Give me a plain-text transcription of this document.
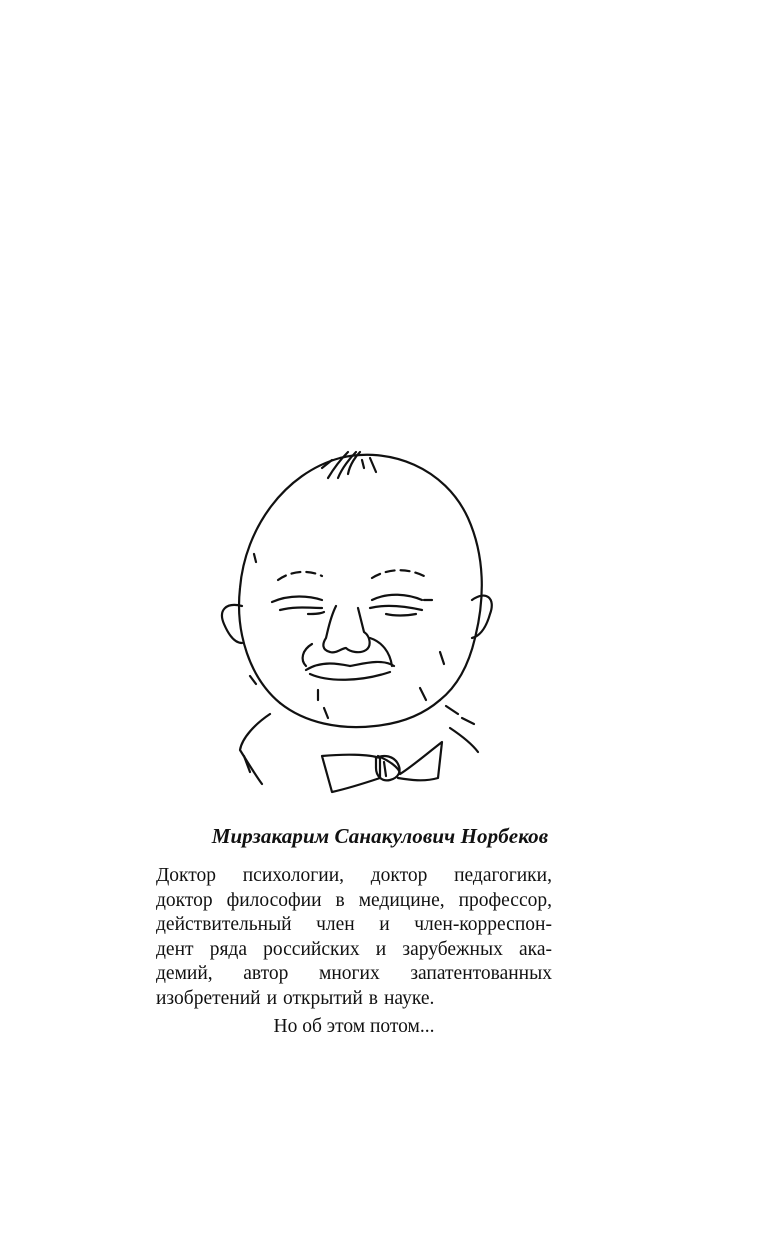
Мирзакарим Санакулович Норбеков
Доктор психологии, доктор педагогики,
доктор философии в медицине, профессор,
действительный член и член-корреспон-
дент ряда российских и зарубежных ака-
демий, автор многих запатентованных
изобретений и открытий в науке.
Но об этом потом...
